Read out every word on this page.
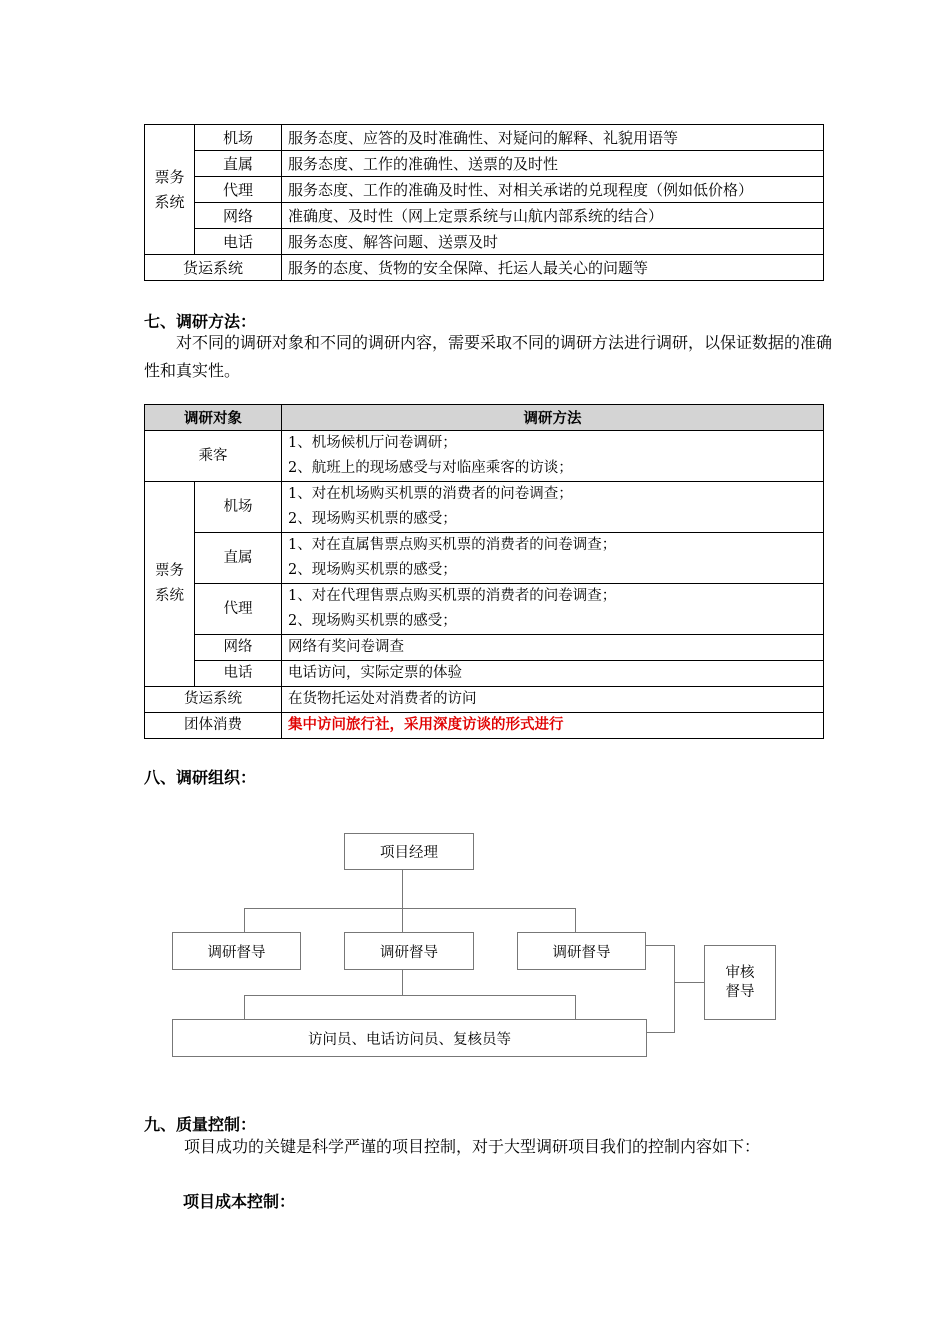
票务系统	机场	服务态度、应答的及时准确性、对疑问的解释、礼貌用语等
	直属	服务态度、工作的准确性、送票的及时性
	代理	服务态度、工作的准确及时性、对相关承诺的兑现程度（例如低价格）
	网络	准确度、及时性（网上定票系统与山航内部系统的结合）
	电话	服务态度、解答问题、送票及时
货运系统		服务的态度、货物的安全保障、托运人最关心的问题等
七、调研方法：
对不同的调研对象和不同的调研内容，需要采取不同的调研方法进行调研，以保证数据的准确性和真实性。
调研对象		调研方法
乘客		1、机场候机厅问卷调研；
2、航班上的现场感受与对临座乘客的访谈；

票务系统	机场	1、对在机场购买机票的消费者的问卷调查；
2、现场购买机票的感受；

	直属	1、对在直属售票点购买机票的消费者的问卷调查；
2、现场购买机票的感受；

	代理	1、对在代理售票点购买机票的消费者的问卷调查；
2、现场购买机票的感受；

	网络	网络有奖问卷调查
	电话	电话访问，实际定票的体验
货运系统		在货物托运处对消费者的访问
团体消费		集中访问旅行社，采用深度访谈的形式进行
八、调研组织：
项目经理
调研督导	调研督导	调研督导
审核督导
访问员、电话访问员、复核员等
九、质量控制：
项目成功的关键是科学严谨的项目控制，对于大型调研项目我们的控制内容如下：
项目成本控制：
